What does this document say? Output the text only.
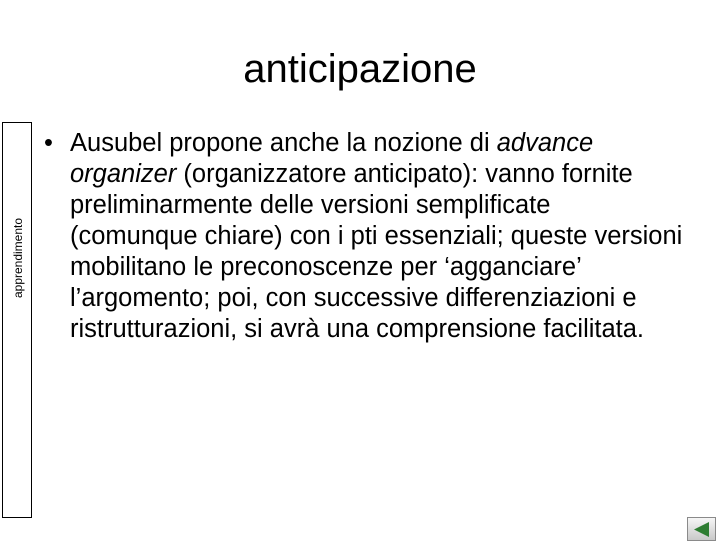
anticipazione
apprendimento
• Ausubel propone anche la nozione di advance organizer (organizzatore anticipato): vanno fornite preliminarmente delle versioni semplificate (comunque chiare) con i pti essenziali; queste versioni mobilitano le preconoscenze per ‘agganciare’ l’argomento; poi, con successive differenziazioni e ristrutturazioni, si avrà una comprensione facilitata.
